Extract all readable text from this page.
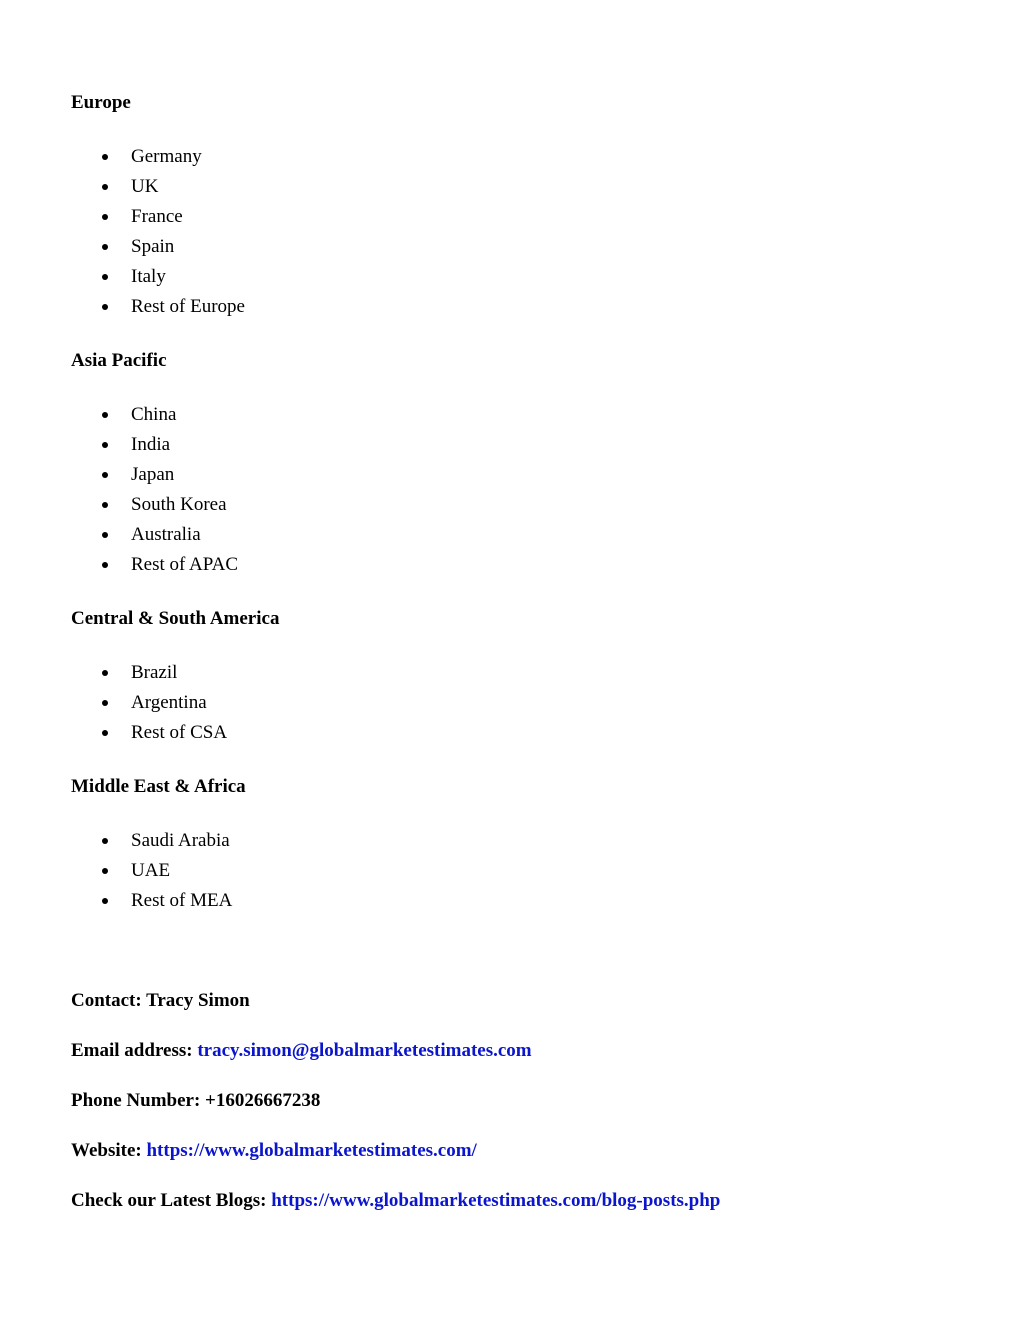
Europe
Germany
UK
France
Spain
Italy
Rest of Europe
Asia Pacific
China
India
Japan
South Korea
Australia
Rest of APAC
Central & South America
Brazil
Argentina
Rest of CSA
Middle East & Africa
Saudi Arabia
UAE
Rest of MEA
Contact: Tracy Simon
Email address: tracy.simon@globalmarketestimates.com
Phone Number: +16026667238
Website: https://www.globalmarketestimates.com/
Check our Latest Blogs: https://www.globalmarketestimates.com/blog-posts.php
